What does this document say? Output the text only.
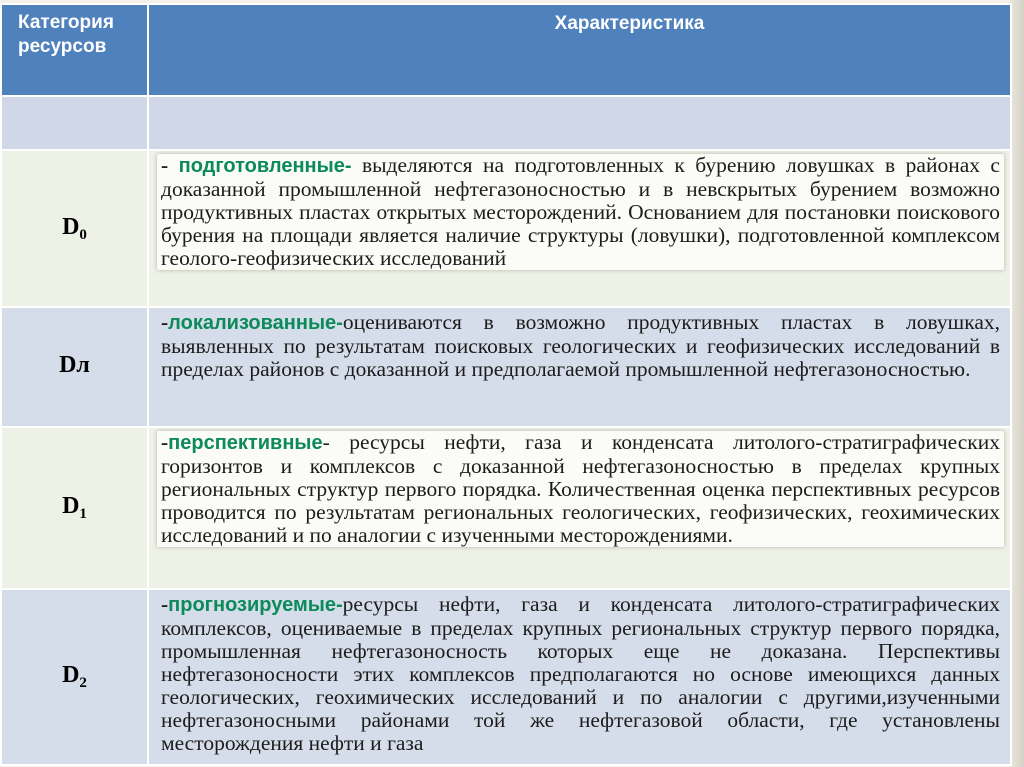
Категория ресурсов	Характеристика

$D_0$	- подготовленные- выделяются на подготовленных к бурению ловушках в районах с доказанной промышленной нефтегазоносностью и в невскрытых бурением возможно продуктивных пластах открытых месторождений. Основанием для постановки поискового бурения на площади является наличие структуры (ловушки), подготовленной комплексом геолого-геофизических исследований

Dл	-локализованные-оцениваются в возможно продуктивных пластах в ловушках, выявленных по результатам поисковых геологических и геофизических исследований в пределах районов с доказанной и предполагаемой промышленной нефтегазоносностью.

$D_1$	-перспективные- ресурсы нефти, газа и конденсата литолого-стратиграфических горизонтов и комплексов с доказанной нефтегазоносностью в пределах крупных региональных структур первого порядка. Количественная оценка перспективных ресурсов проводится по результатам региональных геологических, геофизических, геохимических исследований и по аналогии с изученными месторождениями.

$D_2$	-прогнозируемые-ресурсы нефти, газа и конденсата литолого-стратиграфических комплексов, оцениваемые в пределах крупных региональных структур первого порядка, промышленная нефтегазоносность которых еще не доказана. Перспективы нефтегазоносности этих комплексов предполагаются но основе имеющихся данных геологических, геохимических исследований и по аналогии с другими,изученными нефтегазоносными районами той же нефтегазовой области, где установлены месторождения нефти и газа
